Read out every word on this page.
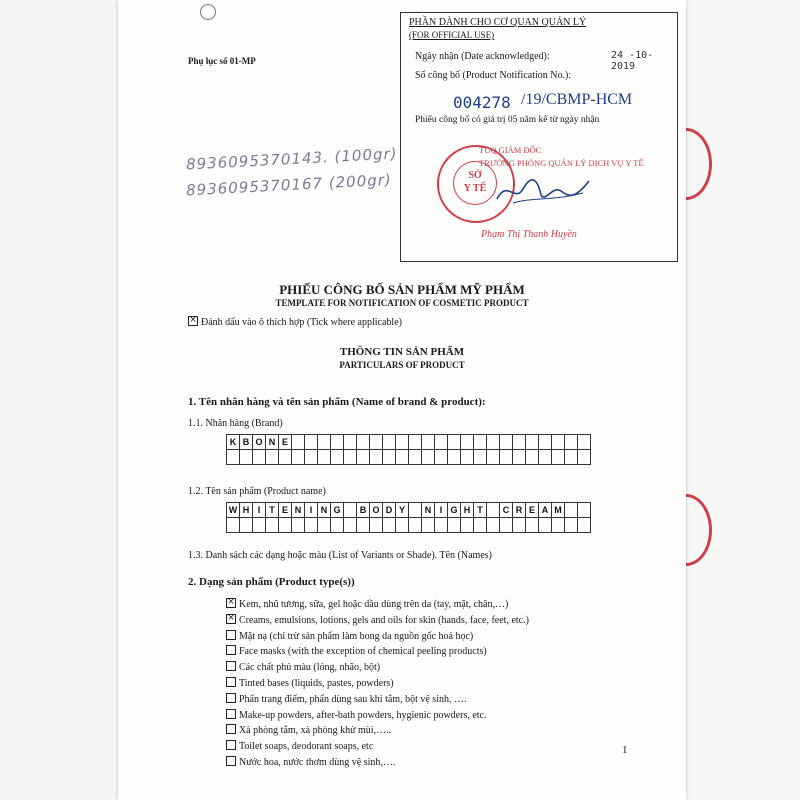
Phụ lục số 01-MP
8936095370143. (100gr)
8936095370167 (200gr)
PHẦN DÀNH CHO CƠ QUAN QUẢN LÝ
(FOR OFFICIAL USE)
Ngày nhận (Date acknowledged):	24 -10- 2019
Số công bố (Product Notification No.):
004278 /19/CBMP-HCM
Phiếu công bố có giá trị 05 năm kể từ ngày nhận
SỞ
Y TẾ
TUQ GIÁM ĐỐC
TRƯỞNG PHÒNG QUẢN LÝ DỊCH VỤ Y TẾ
Phạm Thị Thanh Huyền
PHIẾU CÔNG BỐ SẢN PHẨM MỸ PHẨM
TEMPLATE FOR NOTIFICATION OF COSMETIC PRODUCT
×Đánh dấu vào ô thích hợp (Tick where applicable)
THÔNG TIN SẢN PHẨM
PARTICULARS OF PRODUCT
1. Tên nhãn hàng và tên sản phẩm (Name of brand & product):
1.1. Nhãn hàng (Brand)
K	B	O	N	E																							

1.2. Tên sản phẩm (Product name)
W	H	I	T	E	N	I	N	G		B	O	D	Y		N	I	G	H	T		C	R	E	A	M		

1.3. Danh sách các dạng hoặc màu (List of Variants or Shade). Tên (Names)
2. Dạng sản phẩm (Product type(s))
×Kem, nhũ tương, sữa, gel hoặc dầu dùng trên da (tay, mặt, chân,…)
×Creams, emulsions, lotions, gels and oils for skin (hands, face, feet, etc.)
Mặt nạ (chỉ trừ sản phẩm làm bong da nguồn gốc hoá học)
Face masks (with the exception of chemical peeling products)
Các chất phủ màu (lỏng, nhão, bột)
Tinted bases (liquids, pastes, powders)
Phấn trang điểm, phấn dùng sau khi tắm, bột vệ sinh, ….
Make-up powders, after-bath powders, hygienic powders, etc.
Xà phòng tắm, xà phòng khử mùi,…..
Toilet soaps, deodorant soaps, etc
Nước hoa, nước thơm dùng vệ sinh,….
1
